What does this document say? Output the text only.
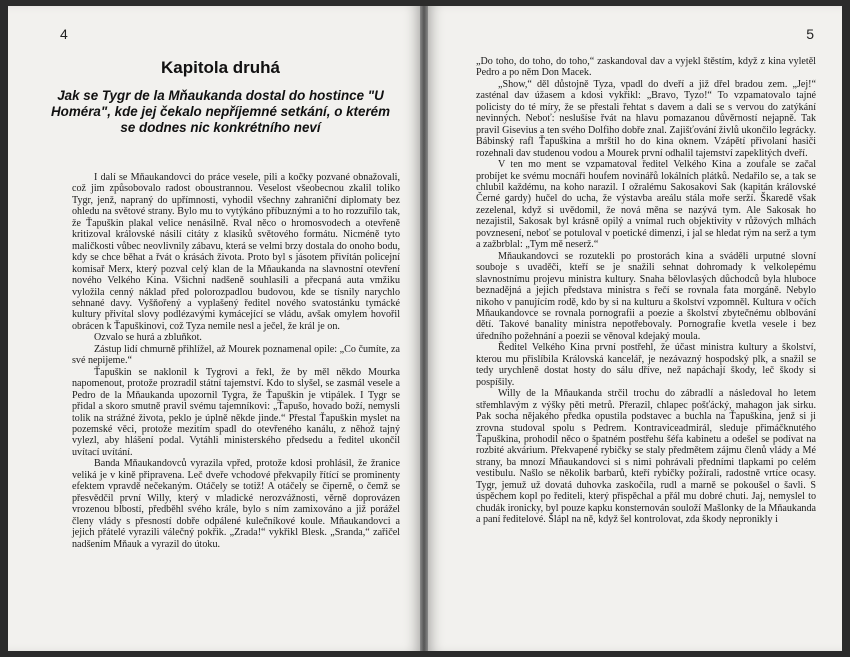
4
Kapitola druhá
Jak se Tygr de la Mňaukanda dostal do hostince "U Homéra", kde jej čekalo nepříjemné setkání, o kterém se dodnes nic konkrétního neví

I dalí se Mňaukandovci do práce vesele, pili a kočky pozvané obnažovali, což jim způsobovalo radost oboustrannou. Veselost všeobecnou zkalil toliko Tygr, jenž, napraný do upřímnosti, vyhodil všechny zahraniční diplomaty bez ohledu na světové strany. Bylo mu to vytýkáno příbuznými a to ho rozzuřilo tak, že Ťapuškin plakal velice nenásilně. Rval něco o hromosvodech a otevřeně kritizoval královské násilí citáty z klasiků světového formátu. Nicméně tyto maličkosti vůbec neovlivnily zábavu, která se velmi brzy dostala do onoho bodu, kdy se chce běhat a řvát o krásách života. Proto byl s jásotem přivítán policejní komisař Merx, který pozval celý klan de la Mňaukanda na slavnostní otevření nového Velkého Kina. Všichni nadšeně souhlasili a přecpaná auta vmžiku vyložila cenný náklad před polorozpadlou budovou, kde se tísnily narychlo sehnané davy. Vyšňořený a vyplašený ředitel nového svatostánku tymácké kultury přivítal slovy podlézavými kymácející se vládu, avšak omylem hovořil obrácen k Ťapuškinovi, což Tyza nemile nesl a ječel, že král je on.

Ozvalo se hurá a zbluňkot.

Zástup lidí chmurně přihlížel, až Mourek poznamenal opile: „Co čumíte, za své nepijeme.“

Ťapuškin se naklonil k Tygrovi a řekl, že by měl někdo Mourka napomenout, protože prozradil státní tajemství. Kdo to slyšel, se zasmál vesele a Pedro de la Mňaukanda upozornil Tygra, že Ťapuškin je vtipálek. I Tygr se přidal a skoro smutně pravil svému tajemníkovi: „Ťapušo, hovado boží, nemysli tolik na strážné života, peklo je úplně někde jinde.“ Přestal Ťapuškin myslet na pozemské věci, protože mezitím spadl do otevřeného kanálu, z něhož tajný vylezl, aby hlášení podal. Vytáhli ministerského předsedu a ředitel ukončil uvítací uvítání.

Banda Mňaukandovců vyrazila vpřed, protože kdosi prohlásil, že žranice veliká je v kině připravena. Leč dveře vchodové překvapily řítící se prominenty efektem vpravdě nečekaným. Otáčely se totiž! A otáčely se čiperně, o čemž se přesvědčil první Willy, který v mladické nerozvážnosti, věrně doprovázen vrozenou blbostí, předběhl svého krále, bylo s ním zamixováno a již porážel členy vlády s přesností dobře odpálené kulečníkové koule. Mňaukandovci a jejich přátelé vyrazili válečný pokřik. „Zrada!“ vykřikl Blesk. „Sranda,“ zařičel nadšením Mňauk a vyrazil do útoku.

5

„Do toho, do toho, do toho,“ zaskandoval dav a vyjekl štěstím, když z kina vyletěl Pedro a po něm Don Macek.

„Show,“ děl důstojně Tyza, vpadl do dveří a již dřel bradou zem. „Jej!“ zasténal dav úžasem a kdosi vykřikl: „Bravo, Tyzo!“ To vzpamatovalo tajné policisty do té míry, že se přestali řehtat s davem a dali se s vervou do zatýkání nevinných. Neboť: neslušíse řvát na hlavu pomazanou důvěrností nejapně. Tak pravil Gisevius a ten svého Dolfiho dobře znal. Zajišťování živlů ukončilo legrácky. Bábinský rafl Ťapuškina a mrštil ho do kina oknem. Vzápětí přivolaní hasiči rozehnali dav studenou vodou a Mourek první odhalil tajemství zapeklitých dveří.

V ten mo ment se vzpamatoval ředitel Velkého Kina a zoufale se začal probíjet ke svému mocnáři houfem novinářů lokálních plátků. Nedařilo se, a tak se chlubil každému, na koho narazil. I ožralému Sakosakovi Sak (kapitán královské Černé gardy) hučel do ucha, že výstavba areálu stála moře serží. Škaredě však zezelenal, když si uvědomil, že nová měna se nazývá tym. Ale Sakosak ho nezajistil, Sakosak byl krásně opilý a vnímal ruch objektivity v růžových mlhách povznesení, neboť se potuloval v poetické dimenzi, i jal se hledat rým na serž a tym a zažbrblal: „Tym mě neserž.“

Mňaukandovci se rozutekli po prostorách kina a sváděli urputné slovní souboje s uvaděči, kteří se je snažili sehnat dohromady k velkolepému slavnostnímu projevu ministra kultury. Snaha bělovlasých důchodců byla hluboce beznadějná a jejich představa ministra s řečí se rovnala fata morgáně. Nebylo nikoho v panujícím rodě, kdo by si na kulturu a školství vzpomněl. Kultura v očích Mňaukandovce se rovnala pornografii a poezie a školství zbytečnému oblbování dětí. Takové banality ministra nepotřebovaly. Pornografie kvetla vesele i bez úředního požehnání a poezii se věnoval kdejaký moula.

Ředitel Velkého Kina první postřehl, že účast ministra kultury a školství, kterou mu přislíbila Královská kancelář, je nezávazný hospodský plk, a snažil se tedy urychleně dostat hosty do sálu dříve, než napáchají škody, leč škody si pospíšily.

Willy de la Mňaukanda strčil trochu do zábradlí a následoval ho letem střemhlavým z výšky pěti metrů. Přerazil, chlapec pošťácký, mahagon jak sirku. Pak socha nějakého předka opustila podstavec a buchla na Ťapuškina, jenž si ji zrovna studoval spolu s Pedrem. Kontraviceadmirál, sleduje přimáčknutého Ťapuškina, prohodil něco o špatném postřehu šéfa kabinetu a odešel se podívat na rozbité akvárium. Překvapené rybičky se staly předmětem zájmu členů vlády a Mé strany, ba mnozí Mňaukandovci si s nimi pohrávali předními tlapkami po celém vestibulu. Našlo se několik barbarů, kteří rybičky požírali, radostně vrtíce ocasy. Tygr, jemuž už dovatá duhovka zaskočila, rudl a marně se pokoušel o šavli. S úspěchem kopl po řediteli, který přispěchal a přál mu dobré chuti. Jaj, nemyslel to chudák ironicky, byl pouze kapku konsternován souloží Mašlonky de la Mňaukanda a paní ředitelové. Šlápl na ně, když šel kontrolovat, zda škody nepronikly i
